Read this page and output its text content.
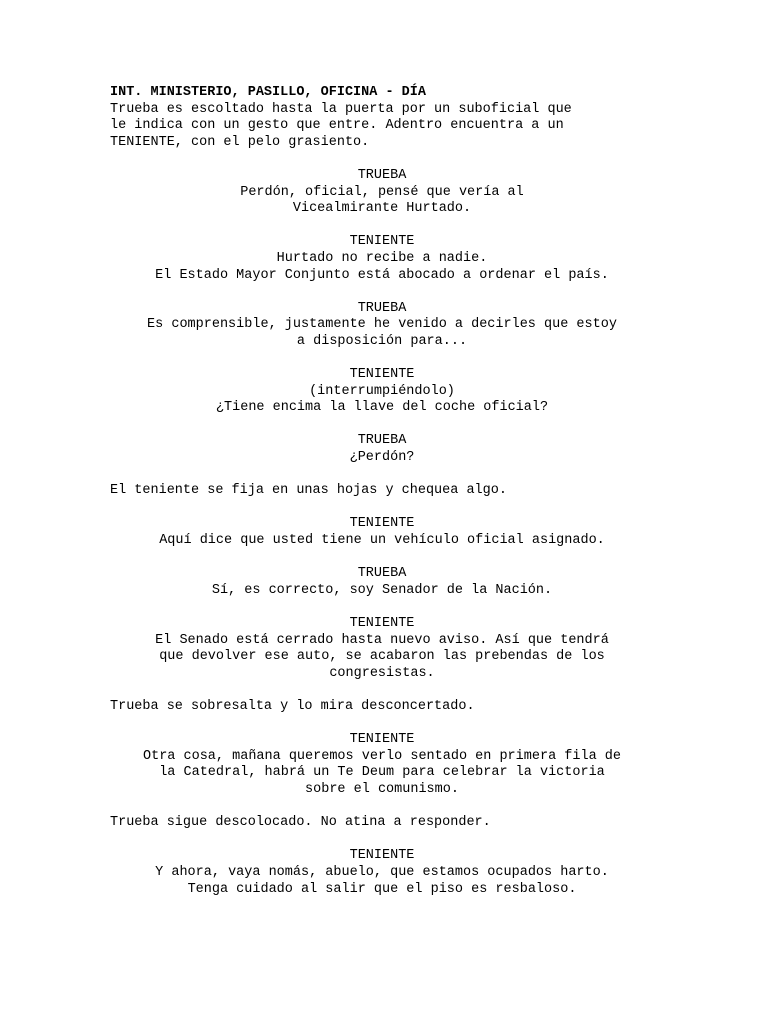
INT. MINISTERIO, PASILLO, OFICINA - DÍA

Trueba es escoltado hasta la puerta por un suboficial que
le indica con un gesto que entre. Adentro encuentra a un
TENIENTE, con el pelo grasiento.

TRUEBA
Perdón, oficial, pensé que vería al
Vicealmirante Hurtado.
TENIENTE
Hurtado no recibe a nadie.
El Estado Mayor Conjunto está abocado a ordenar el país.
TRUEBA
Es comprensible, justamente he venido a decirles que estoy
a disposición para...
TENIENTE
(interrumpiéndolo)
¿Tiene encima la llave del coche oficial?
TRUEBA
¿Perdón?

El teniente se fija en unas hojas y chequea algo.

TENIENTE
Aquí dice que usted tiene un vehículo oficial asignado.
TRUEBA
Sí, es correcto, soy Senador de la Nación.
TENIENTE
El Senado está cerrado hasta nuevo aviso. Así que tendrá
que devolver ese auto, se acabaron las prebendas de los
congresistas.

Trueba se sobresalta y lo mira desconcertado.

TENIENTE
Otra cosa, mañana queremos verlo sentado en primera fila de
la Catedral, habrá un Te Deum para celebrar la victoria
sobre el comunismo.

Trueba sigue descolocado. No atina a responder.

TENIENTE
Y ahora, vaya nomás, abuelo, que estamos ocupados harto.
Tenga cuidado al salir que el piso es resbaloso.
